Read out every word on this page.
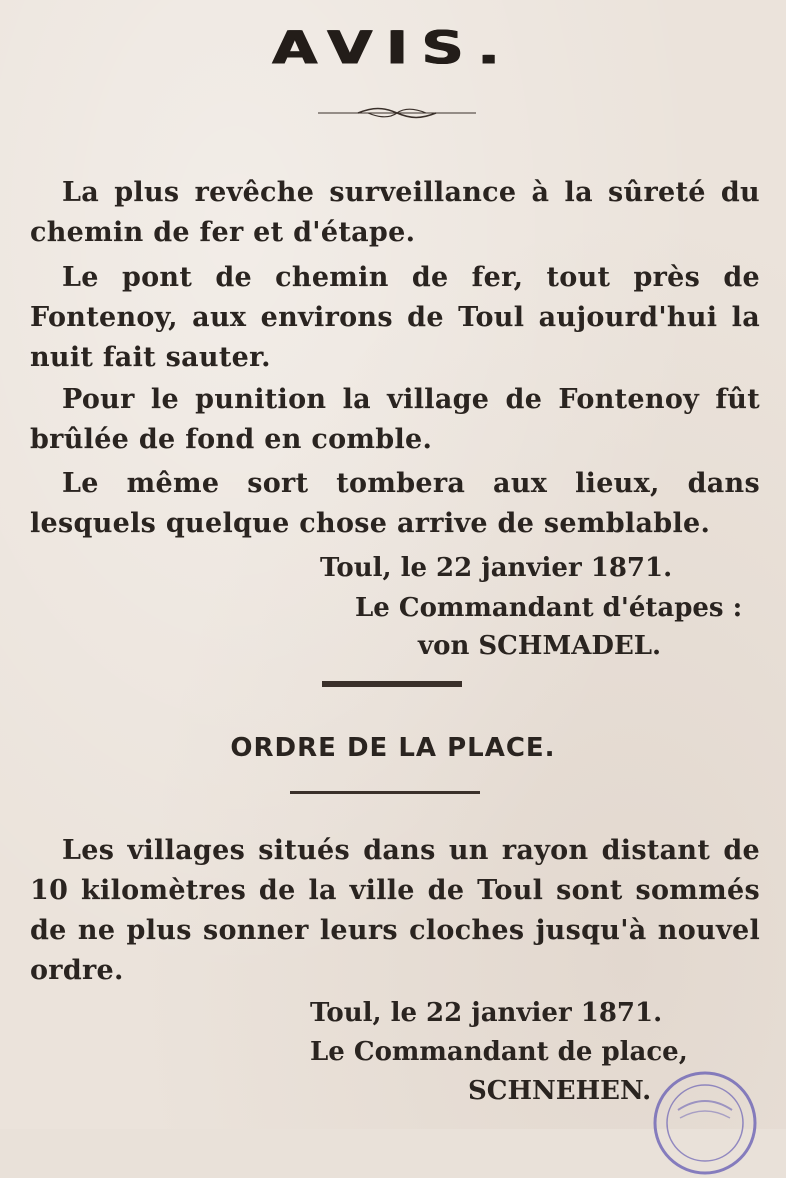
AVIS.

La plus revêche surveillance à la sûreté du chemin de fer et d'étape.

Le pont de chemin de fer, tout près de Fontenoy, aux environs de Toul aujourd'hui la nuit fait sauter.

Pour le punition la village de Fontenoy fût brûlée de fond en comble.

Le même sort tombera aux lieux, dans lesquels quelque chose arrive de semblable.

Toul, le 22 janvier 1871.
Le Commandant d'étapes :
von SCHMADEL.
ORDRE DE LA PLACE.

Les villages situés dans un rayon distant de 10 kilomètres de la ville de Toul sont sommés de ne plus sonner leurs cloches jusqu'à nouvel ordre.

Toul, le 22 janvier 1871.
Le Commandant de place,
SCHNEHEN.
